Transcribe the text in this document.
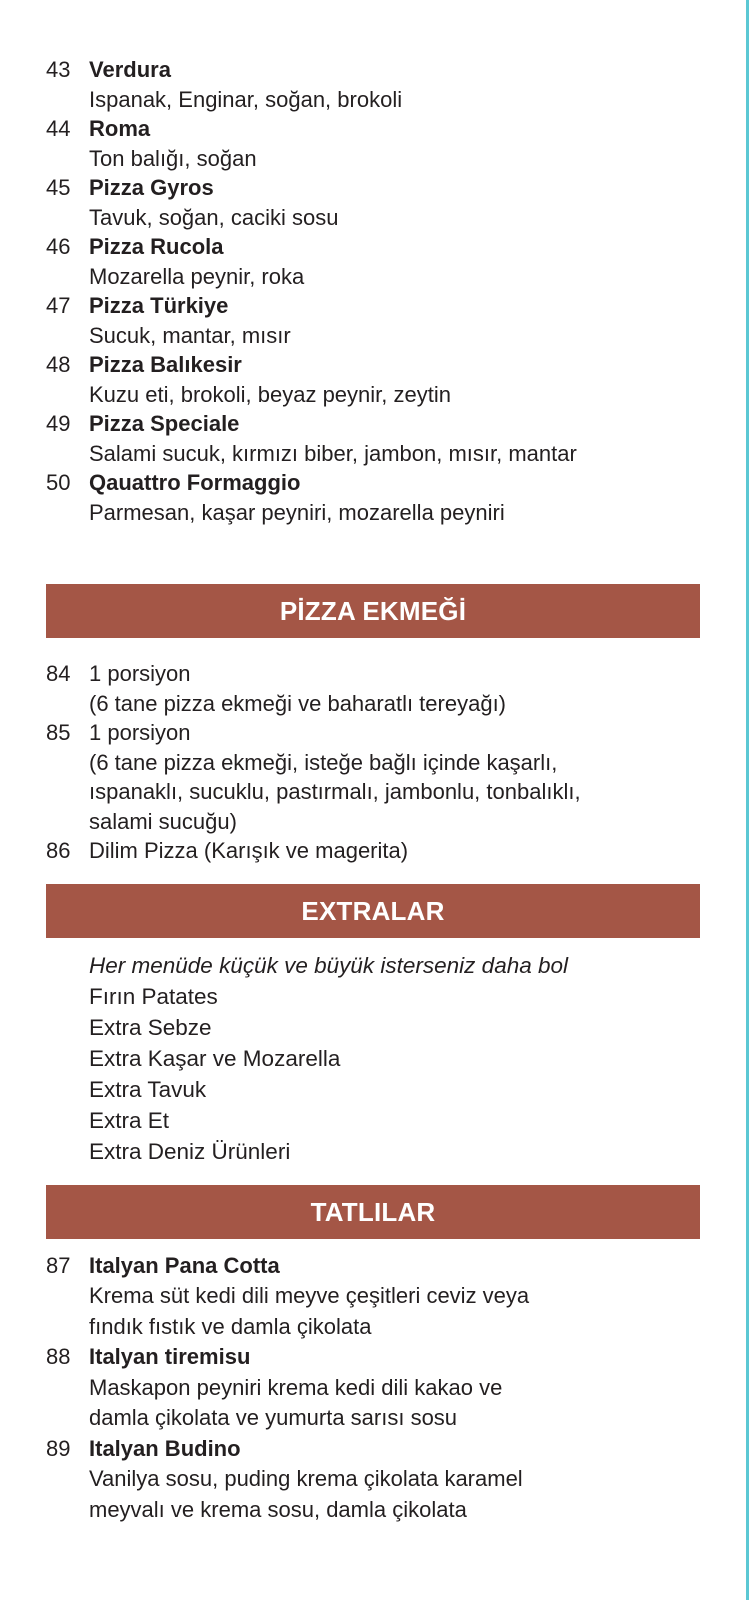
43 Verdura
Ispanak, Enginar, soğan, brokoli
44 Roma
Ton balığı, soğan
45 Pizza Gyros
Tavuk, soğan, caciki sosu
46 Pizza Rucola
Mozarella peynir, roka
47 Pizza Türkiye
Sucuk, mantar, mısır
48 Pizza Balıkesir
Kuzu eti, brokoli, beyaz peynir, zeytin
49 Pizza Speciale
Salami sucuk, kırmızı biber, jambon, mısır, mantar
50 Qauattro Formaggio
Parmesan, kaşar peyniri, mozarella peyniri
PİZZA EKMEĞİ
84 1 porsiyon
(6 tane pizza ekmeği ve baharatlı tereyağı)
85 1 porsiyon
(6 tane pizza ekmeği, isteğe bağlı içinde kaşarlı,
ıspanaklı, sucuklu, pastırmalı, jambonlu, tonbalıklı,
salami sucuğu)
86 Dilim Pizza (Karışık ve magerita)
EXTRALAR
Her menüde küçük ve büyük isterseniz daha bol
Fırın Patates
Extra Sebze
Extra Kaşar ve Mozarella
Extra Tavuk
Extra Et
Extra Deniz Ürünleri
TATLILAR
87 Italyan Pana Cotta
Krema süt kedi dili meyve çeşitleri ceviz veya
fındık fıstık ve damla çikolata
88 Italyan tiremisu
Maskapon peyniri krema kedi dili kakao ve
damla çikolata ve yumurta sarısı sosu
89 Italyan Budino
Vanilya sosu, puding krema çikolata karamel
meyvalı ve krema sosu, damla çikolata
